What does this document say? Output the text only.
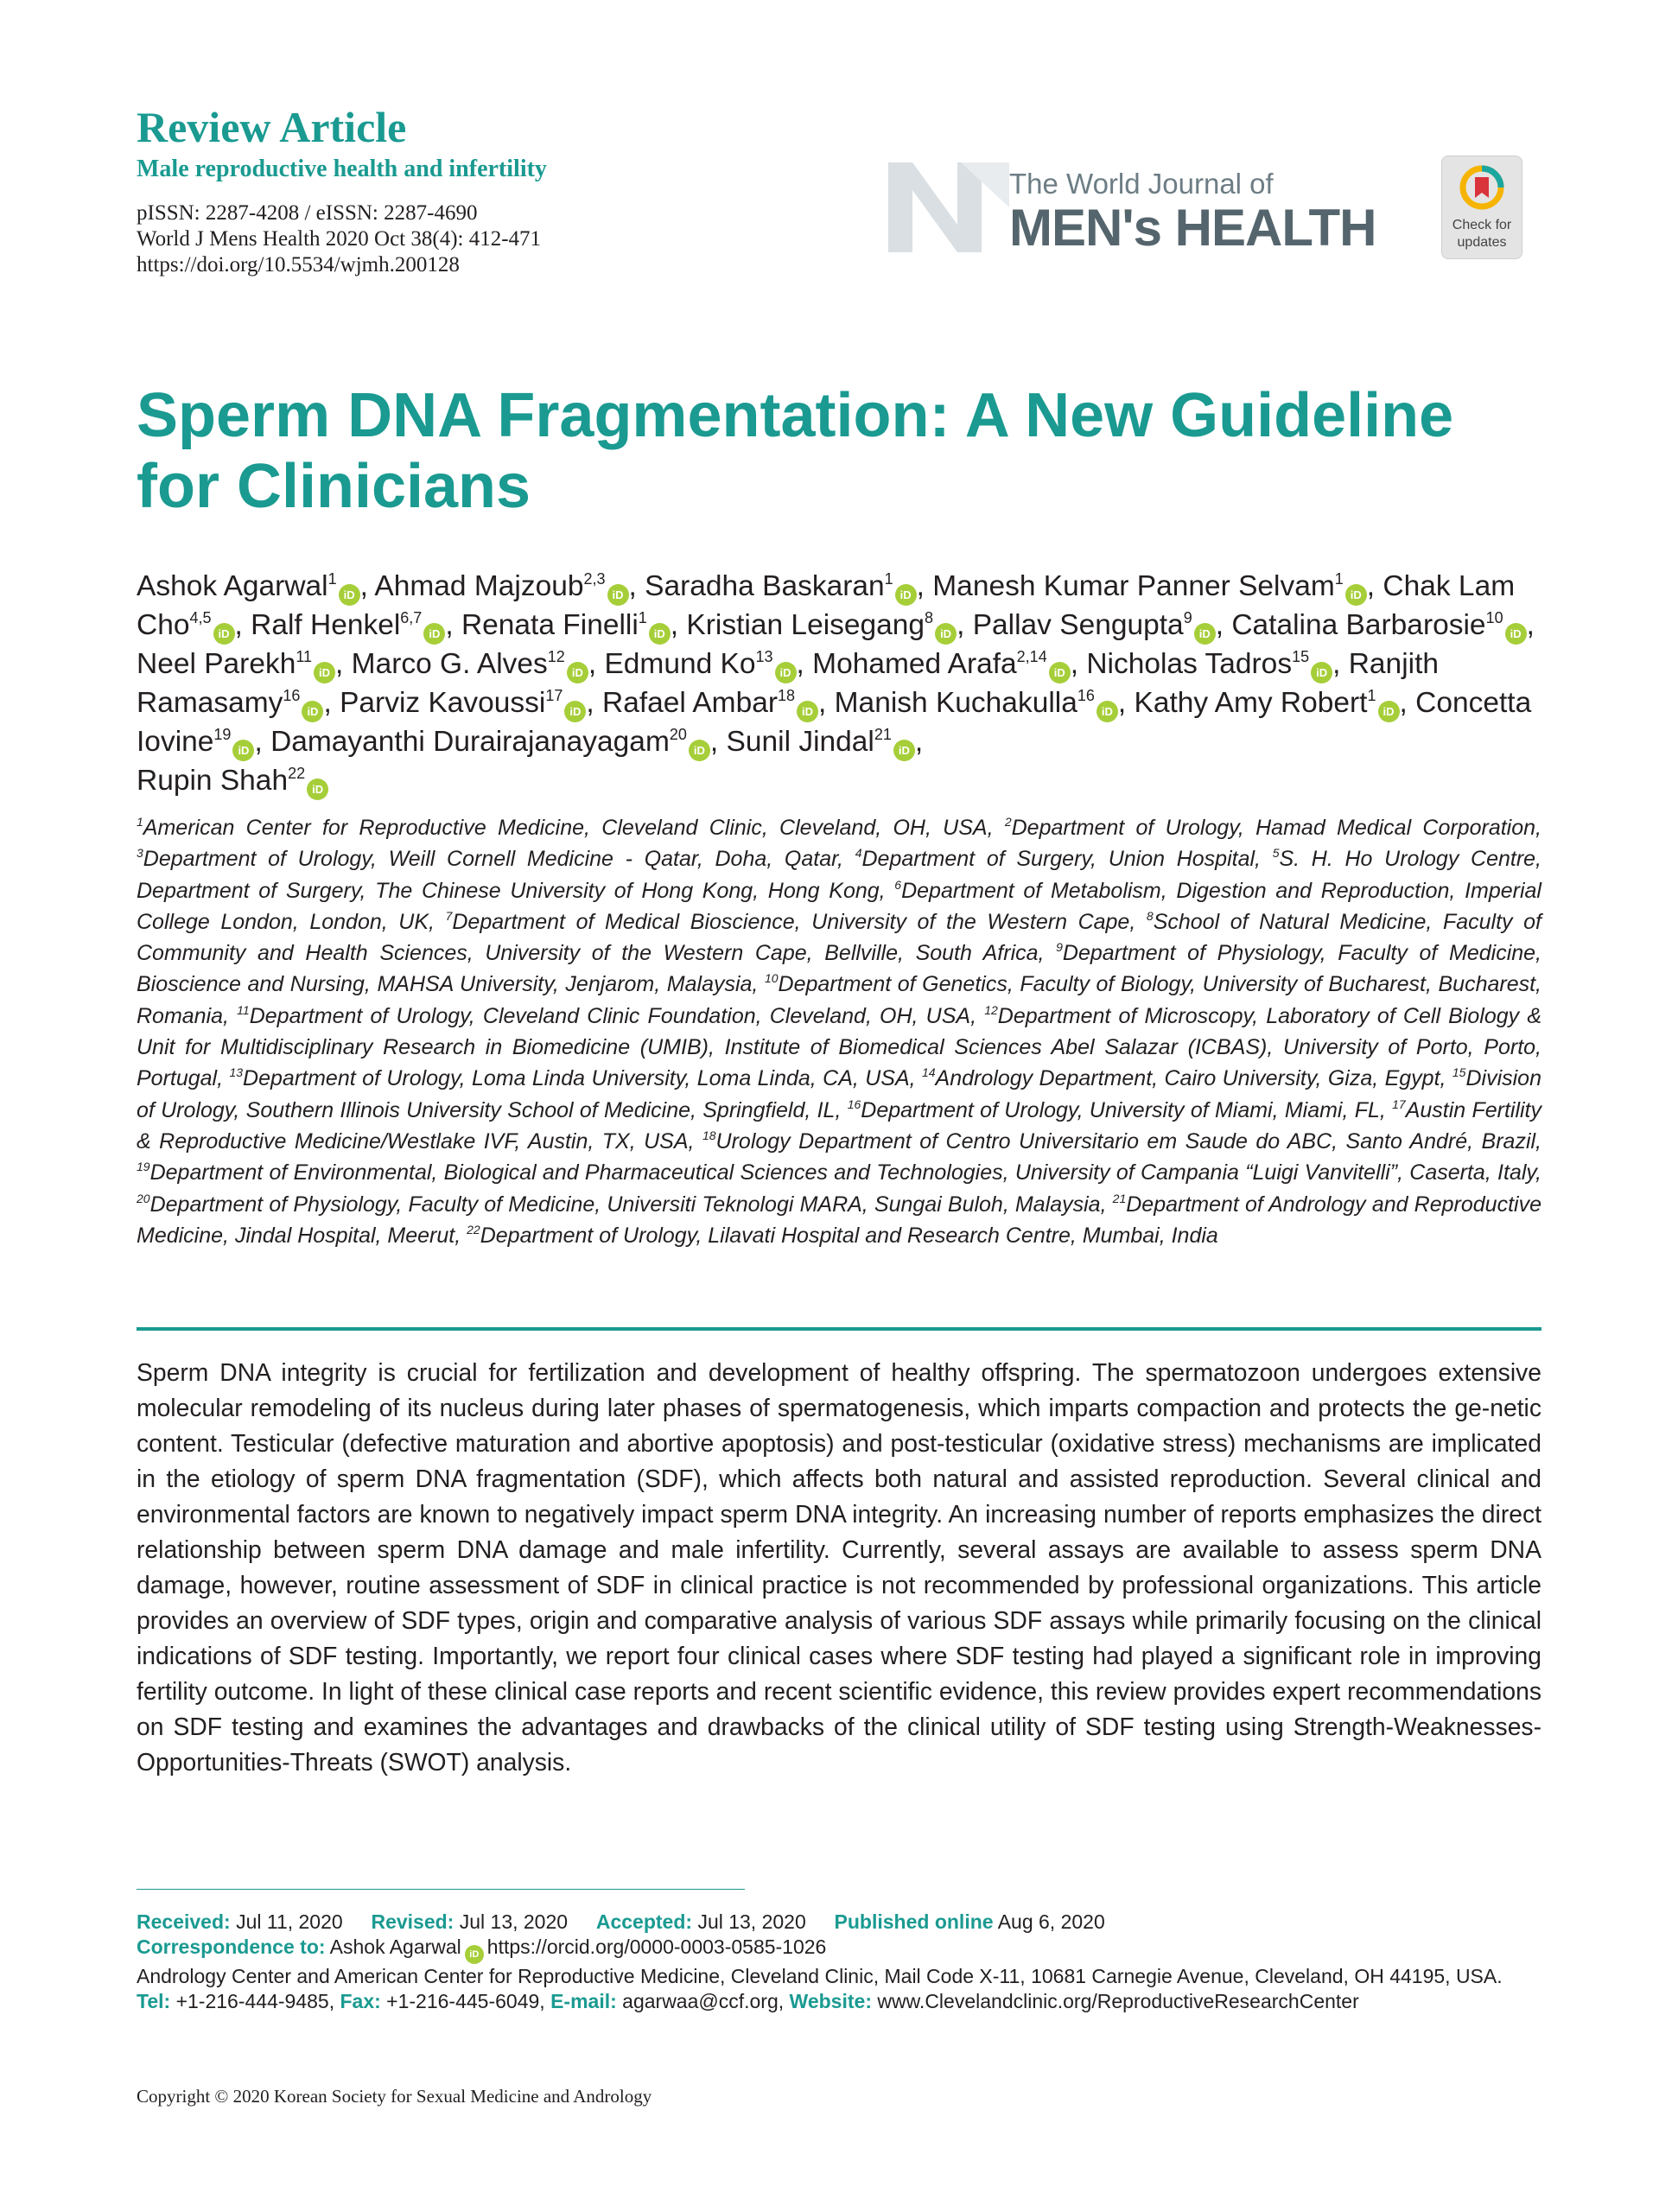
Review Article
Male reproductive health and infertility
pISSN: 2287-4208 / eISSN: 2287-4690
World J Mens Health 2020 Oct 38(4): 412-471
https://doi.org/10.5534/wjmh.200128
The World Journal of
MEN's HEALTH	Check for
updates
Sperm DNA Fragmentation: A New Guideline for Clinicians
Ashok Agarwal$^1$iD , Ahmad Majzoub$^{2,3}$iD , Saradha Baskaran$^1$iD , Manesh Kumar Panner Selvam$^1$iD , Chak Lam Cho$^{4,5}$iD , Ralf Henkel$^{6,7}$iD , Renata Finelli$^1$iD , Kristian Leisegang$^8$iD , Pallav Sengupta$^9$iD , Catalina Barbarosie$^{10}$iD , Neel Parekh$^{11}$iD , Marco G. Alves$^{12}$iD , Edmund Ko$^{13}$iD , Mohamed Arafa$^{2,14}$iD , Nicholas Tadros$^{15}$iD , Ranjith Ramasamy$^{16}$iD , Parviz Kavoussi$^{17}$iD , Rafael Ambar$^{18}$iD , Manish Kuchakulla$^{16}$iD , Kathy Amy Robert$^1$iD , Concetta Iovine$^{19}$iD , Damayanthi Durairajanayagam$^{20}$iD , Sunil Jindal$^{21}$iD ,
Rupin Shah$^{22}$iD
$^1$American Center for Reproductive Medicine, Cleveland Clinic, Cleveland, OH, USA, $^2$Department of Urology, Hamad Medical Corporation, $^3$Department of Urology, Weill Cornell Medicine - Qatar, Doha, Qatar, $^4$Department of Surgery, Union Hospital, $^5$S. H. Ho Urology Centre, Department of Surgery, The Chinese University of Hong Kong, Hong Kong, $^6$Department of Metabolism, Digestion and Reproduction, Imperial College London, London, UK, $^7$Department of Medical Bioscience, University of the Western Cape, $^8$School of Natural Medicine, Faculty of Community and Health Sciences, University of the Western Cape, Bellville, South Africa, $^9$Department of Physiology, Faculty of Medicine, Bioscience and Nursing, MAHSA University, Jenjarom, Malaysia, $^{10}$Department of Genetics, Faculty of Biology, University of Bucharest, Bucharest, Romania, $^{11}$Department of Urology, Cleveland Clinic Foundation, Cleveland, OH, USA, $^{12}$Department of Microscopy, Laboratory of Cell Biology & Unit for Multidisciplinary Research in Biomedicine (UMIB), Institute of Biomedical Sciences Abel Salazar (ICBAS), University of Porto, Porto, Portugal, $^{13}$Department of Urology, Loma Linda University, Loma Linda, CA, USA, $^{14}$Andrology Department, Cairo University, Giza, Egypt, $^{15}$Division of Urology, Southern Illinois University School of Medicine, Springfield, IL, $^{16}$Department of Urology, University of Miami, Miami, FL, $^{17}$Austin Fertility & Reproductive Medicine/Westlake IVF, Austin, TX, USA, $^{18}$Urology Department of Centro Universitario em Saude do ABC, Santo André, Brazil, $^{19}$Department of Environmental, Biological and Pharmaceutical Sciences and Technologies, University of Campania “Luigi Vanvitelli”, Caserta, Italy, $^{20}$Department of Physiology, Faculty of Medicine, Universiti Teknologi MARA, Sungai Buloh, Malaysia, $^{21}$Department of Andrology and Reproductive Medicine, Jindal Hospital, Meerut, $^{22}$Department of Urology, Lilavati Hospital and Research Centre, Mumbai, India

Sperm DNA integrity is crucial for fertilization and development of healthy offspring. The spermatozoon undergoes extensive molecular remodeling of its nucleus during later phases of spermatogenesis, which imparts compaction and protects the ge-netic content. Testicular (defective maturation and abortive apoptosis) and post-testicular (oxidative stress) mechanisms are implicated in the etiology of sperm DNA fragmentation (SDF), which affects both natural and assisted reproduction. Several clinical and environmental factors are known to negatively impact sperm DNA integrity. An increasing number of reports emphasizes the direct relationship between sperm DNA damage and male infertility. Currently, several assays are available to assess sperm DNA damage, however, routine assessment of SDF in clinical practice is not recommended by professional organizations. This article provides an overview of SDF types, origin and comparative analysis of various SDF assays while primarily focusing on the clinical indications of SDF testing. Importantly, we report four clinical cases where SDF testing had played a significant role in improving fertility outcome. In light of these clinical case reports and recent scientific evidence, this review provides expert recommendations on SDF testing and examines the advantages and drawbacks of the clinical utility of SDF testing using Strength-Weaknesses-Opportunities-Threats (SWOT) analysis.

Received: Jul 11, 2020 Revised: Jul 13, 2020 Accepted: Jul 13, 2020 Published online Aug 6, 2020
Correspondence to: Ashok Agarwal iD https://orcid.org/0000-0003-0585-1026
Andrology Center and American Center for Reproductive Medicine, Cleveland Clinic, Mail Code X-11, 10681 Carnegie Avenue, Cleveland, OH 44195, USA.
Tel: +1-216-444-9485, Fax: +1-216-445-6049, E-mail: agarwaa@ccf.org, Website: www.Clevelandclinic.org/ReproductiveResearchCenter
Copyright © 2020 Korean Society for Sexual Medicine and Andrology
